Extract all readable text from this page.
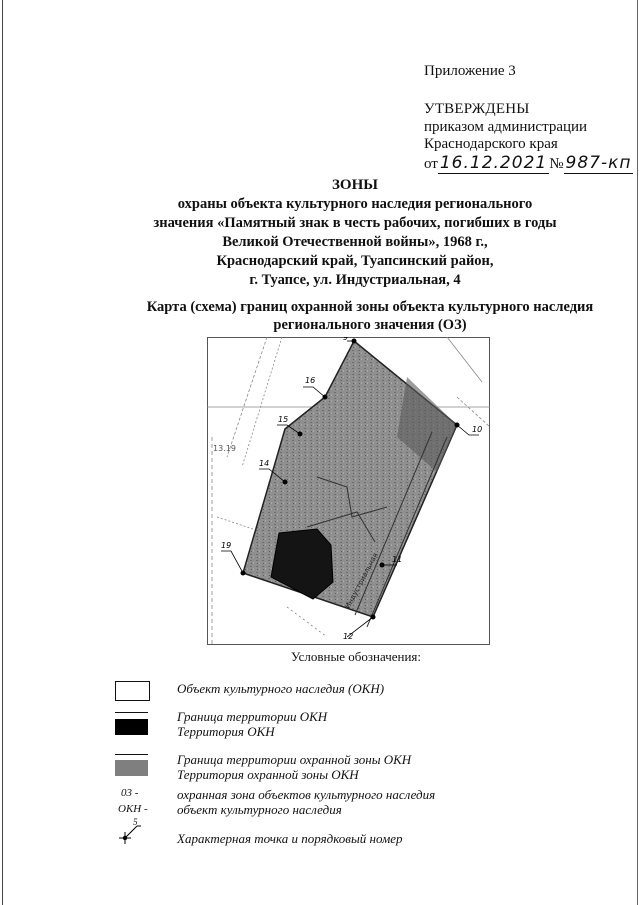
Приложение 3
УТВЕРЖДЕНЫ
приказом администрации
Краснодарского края
от 16.12.2021 № 987-кп
ЗОНЫ
охраны объекта культурного наследия регионального
значения «Памятный знак в честь рабочих, погибших в годы
Великой Отечественной войны», 1968 г.,
Краснодарский край, Туапсинский район,
г. Туапсе, ул. Индустриальная, 4
Карта (схема) границ охранной зоны объекта культурного наследия
регионального значения (ОЗ)
9
16
15
14
19
12
11
10
13.19
Индустриальная
Условные обозначения:
Объект культурного наследия (ОКН)
Граница территории ОКН
Территория ОКН
Граница территории охранной зоны ОКН
Территория охранной зоны ОКН
03 -	охранная зона объектов культурного наследия
ОКН - объект культурного наследия
5
Характерная точка и порядковый номер
